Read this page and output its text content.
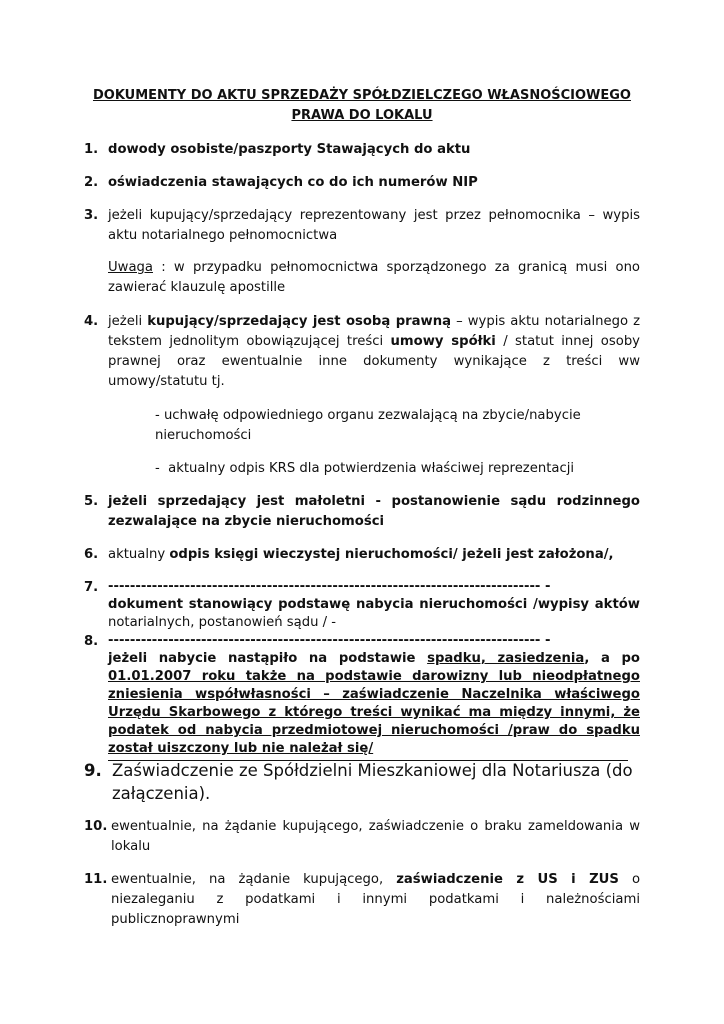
DOKUMENTY DO AKTU SPRZEDAŻY SPÓŁDZIELCZEGO WŁASNOŚCIOWEGO
PRAWA DO LOKALU
1. dowody osobiste/paszporty Stawających do aktu
2. oświadczenia stawających co do ich numerów NIP
3. jeżeli kupujący/sprzedający reprezentowany jest przez pełnomocnika – wypis aktu notarialnego pełnomocnictwa
Uwaga : w przypadku pełnomocnictwa sporządzonego za granicą musi ono zawierać klauzulę apostille
4. jeżeli kupujący/sprzedający jest osobą prawną – wypis aktu notarialnego z tekstem jednolitym obowiązującej treści umowy spółki / statut innej osoby prawnej oraz ewentualnie inne dokumenty wynikające z treści ww umowy/statutu tj.
- uchwałę odpowiedniego organu zezwalającą na zbycie/nabycie nieruchomości
- aktualny odpis KRS dla potwierdzenia właściwej reprezentacji
5. jeżeli sprzedający jest małoletni - postanowienie sądu rodzinnego zezwalające na zbycie nieruchomości
6. aktualny odpis księgi wieczystej nieruchomości/ jeżeli jest założona/,
7. ------------------------------------------------------------------------------- -
dokument stanowiący podstawę nabycia nieruchomości /wypisy aktów notarialnych, postanowień sądu / -
8. ------------------------------------------------------------------------------- -
jeżeli nabycie nastąpiło na podstawie spadku, zasiedzenia, a po 01.01.2007 roku także na podstawie darowizny lub nieodpłatnego zniesienia współwłasności – zaświadczenie Naczelnika właściwego Urzędu Skarbowego z którego treści wynikać ma między innymi, że podatek od nabycia przedmiotowej nieruchomości /praw do spadku został uiszczony lub nie należał się/
9. Zaświadczenie ze Spółdzielni Mieszkaniowej dla Notariusza (do załączenia).
10. ewentualnie, na żądanie kupującego, zaświadczenie o braku zameldowania w lokalu
11. ewentualnie, na żądanie kupującego, zaświadczenie z US i ZUS o niezaleganiu z podatkami i innymi podatkami i należnościami publicznoprawnymi
